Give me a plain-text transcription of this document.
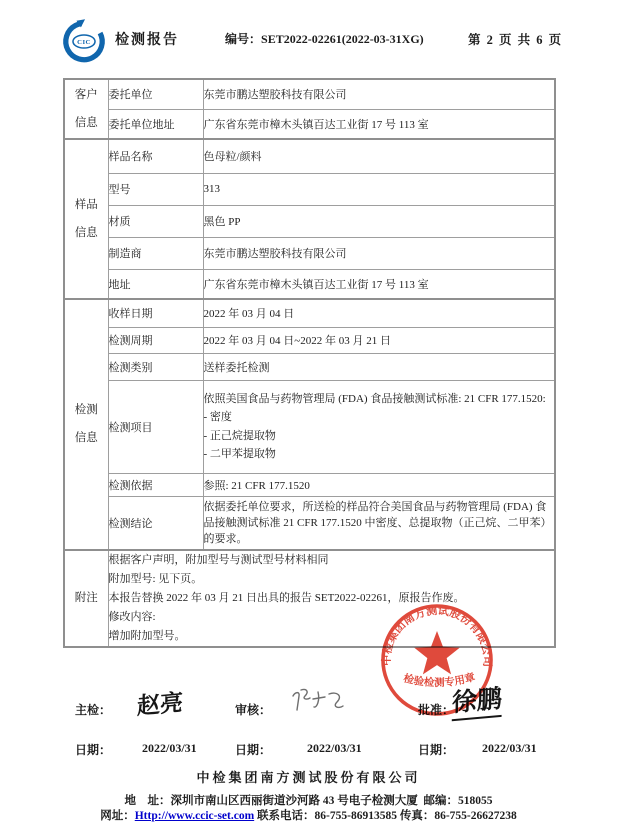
CIC 检测报告	编号：SET2022-02261(2022-03-31XG)	第 2 页 共 6 页
客户
信息	委托单位	东莞市鹏达塑胶科技有限公司
	委托单位地址	广东省东莞市樟木头镇百达工业街 17 号 113 室

样品
信息	样品名称	色母粒/颜料
	型号	313
	材质	黑色 PP
	制造商	东莞市鹏达塑胶科技有限公司
	地址	广东省东莞市樟木头镇百达工业街 17 号 113 室

检测
信息	收样日期	2022 年 03 月 04 日
	检测周期	2022 年 03 月 04 日~2022 年 03 月 21 日
	检测类别	送样委托检测
	检测项目	依照美国食品与药物管理局 (FDA) 食品接触测试标准: 21 CFR 177.1520:
- 密度
- 正己烷提取物
- 二甲苯提取物

	检测依据	参照: 21 CFR 177.1520
	检测结论	依据委托单位要求，所送检的样品符合美国食品与药物管理局 (FDA) 食品接触测试标准 21 CFR 177.1520 中密度、总提取物（正己烷、二甲苯）的要求。

附注	根据客户声明，附加型号与测试型号材料相同
附加型号: 见下页。
本报告替换 2022 年 03 月 21 日出具的报告 SET2022-02261，原报告作废。
修改内容:
增加附加型号。	
主检： 赵亮	审核：	批准：
徐鹏
日期：	2022/03/31	日期：	2022/03/31	日期： 2022/03/31
中检集团南方测试股份有限公司
检验检测专用章
中检集团南方测试股份有限公司
地　址：深圳市南山区西丽街道沙河路 43 号电子检测大厦 邮编：518055
网址：Http://www.ccic-set.com 联系电话：86-755-86913585 传真：86-755-26627238
